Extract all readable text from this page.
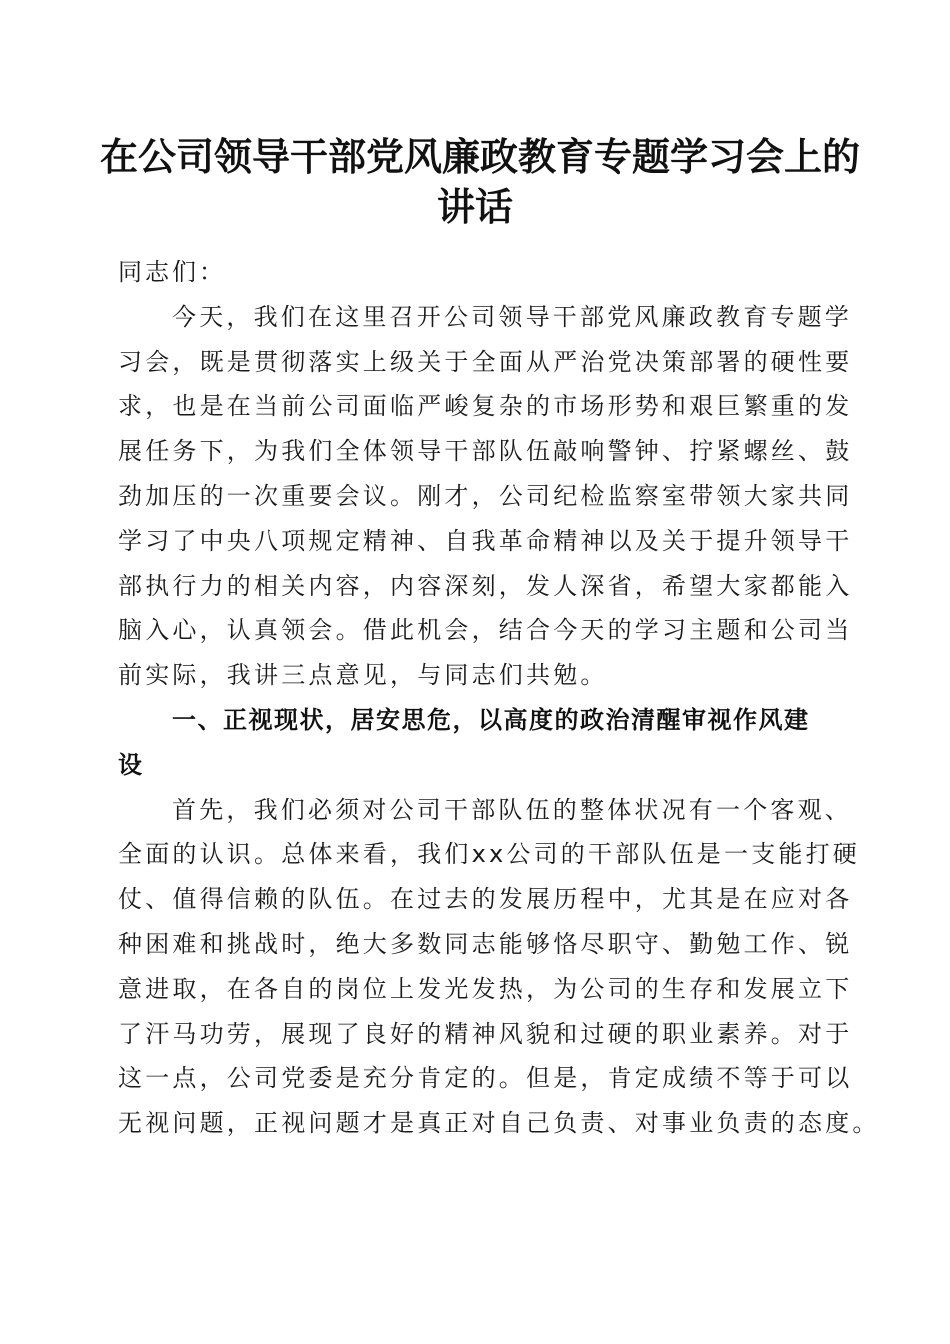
在公司领导干部党风廉政教育专题学习会上的
讲话
同志们：
今天，我们在这里召开公司领导干部党风廉政教育专题学
习会，既是贯彻落实上级关于全面从严治党决策部署的硬性要
求，也是在当前公司面临严峻复杂的市场形势和艰巨繁重的发
展任务下，为我们全体领导干部队伍敲响警钟、拧紧螺丝、鼓
劲加压的一次重要会议。刚才，公司纪检监察室带领大家共同
学习了中央八项规定精神、自我革命精神以及关于提升领导干
部执行力的相关内容，内容深刻，发人深省，希望大家都能入
脑入心，认真领会。借此机会，结合今天的学习主题和公司当
前实际，我讲三点意见，与同志们共勉。
一、正视现状，居安思危，以高度的政治清醒审视作风建
设
首先，我们必须对公司干部队伍的整体状况有一个客观、
全面的认识。总体来看，我们xx公司的干部队伍是一支能打硬
仗、值得信赖的队伍。在过去的发展历程中，尤其是在应对各
种困难和挑战时，绝大多数同志能够恪尽职守、勤勉工作、锐
意进取，在各自的岗位上发光发热，为公司的生存和发展立下
了汗马功劳，展现了良好的精神风貌和过硬的职业素养。对于
这一点，公司党委是充分肯定的。但是，肯定成绩不等于可以
无视问题，正视问题才是真正对自己负责、对事业负责的态度。
